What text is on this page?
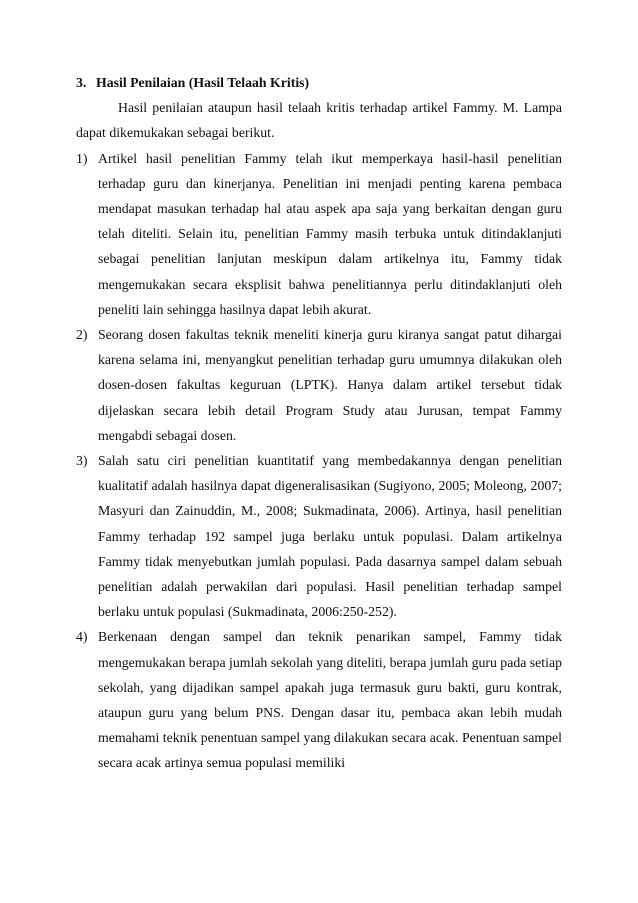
3. Hasil Penilaian (Hasil Telaah Kritis)

Hasil penilaian ataupun hasil telaah kritis terhadap artikel Fammy. M. Lampa dapat dikemukakan sebagai berikut.

1) Artikel hasil penelitian Fammy telah ikut memperkaya hasil-hasil penelitian terhadap guru dan kinerjanya. Penelitian ini menjadi penting karena pembaca mendapat masukan terhadap hal atau aspek apa saja yang berkaitan dengan guru telah diteliti. Selain itu, penelitian Fammy masih terbuka untuk ditindaklanjuti sebagai penelitian lanjutan meskipun dalam artikelnya itu, Fammy tidak mengemukakan secara eksplisit bahwa penelitiannya perlu ditindaklanjuti oleh peneliti lain sehingga hasilnya dapat lebih akurat.
2) Seorang dosen fakultas teknik meneliti kinerja guru kiranya sangat patut dihargai karena selama ini, menyangkut penelitian terhadap guru umumnya dilakukan oleh dosen-dosen fakultas keguruan (LPTK). Hanya dalam artikel tersebut tidak dijelaskan secara lebih detail Program Study atau Jurusan, tempat Fammy mengabdi sebagai dosen.
3) Salah satu ciri penelitian kuantitatif yang membedakannya dengan penelitian kualitatif adalah hasilnya dapat digeneralisasikan (Sugiyono, 2005; Moleong, 2007; Masyuri dan Zainuddin, M., 2008; Sukmadinata, 2006). Artinya, hasil penelitian Fammy terhadap 192 sampel juga berlaku untuk populasi. Dalam artikelnya Fammy tidak menyebutkan jumlah populasi. Pada dasarnya sampel dalam sebuah penelitian adalah perwakilan dari populasi. Hasil penelitian terhadap sampel berlaku untuk populasi (Sukmadinata, 2006:250-252).
4) Berkenaan dengan sampel dan teknik penarikan sampel, Fammy tidak mengemukakan berapa jumlah sekolah yang diteliti, berapa jumlah guru pada setiap sekolah, yang dijadikan sampel apakah juga termasuk guru bakti, guru kontrak, ataupun guru yang belum PNS. Dengan dasar itu, pembaca akan lebih mudah memahami teknik penentuan sampel yang dilakukan secara acak. Penentuan sampel secara acak artinya semua populasi memiliki
